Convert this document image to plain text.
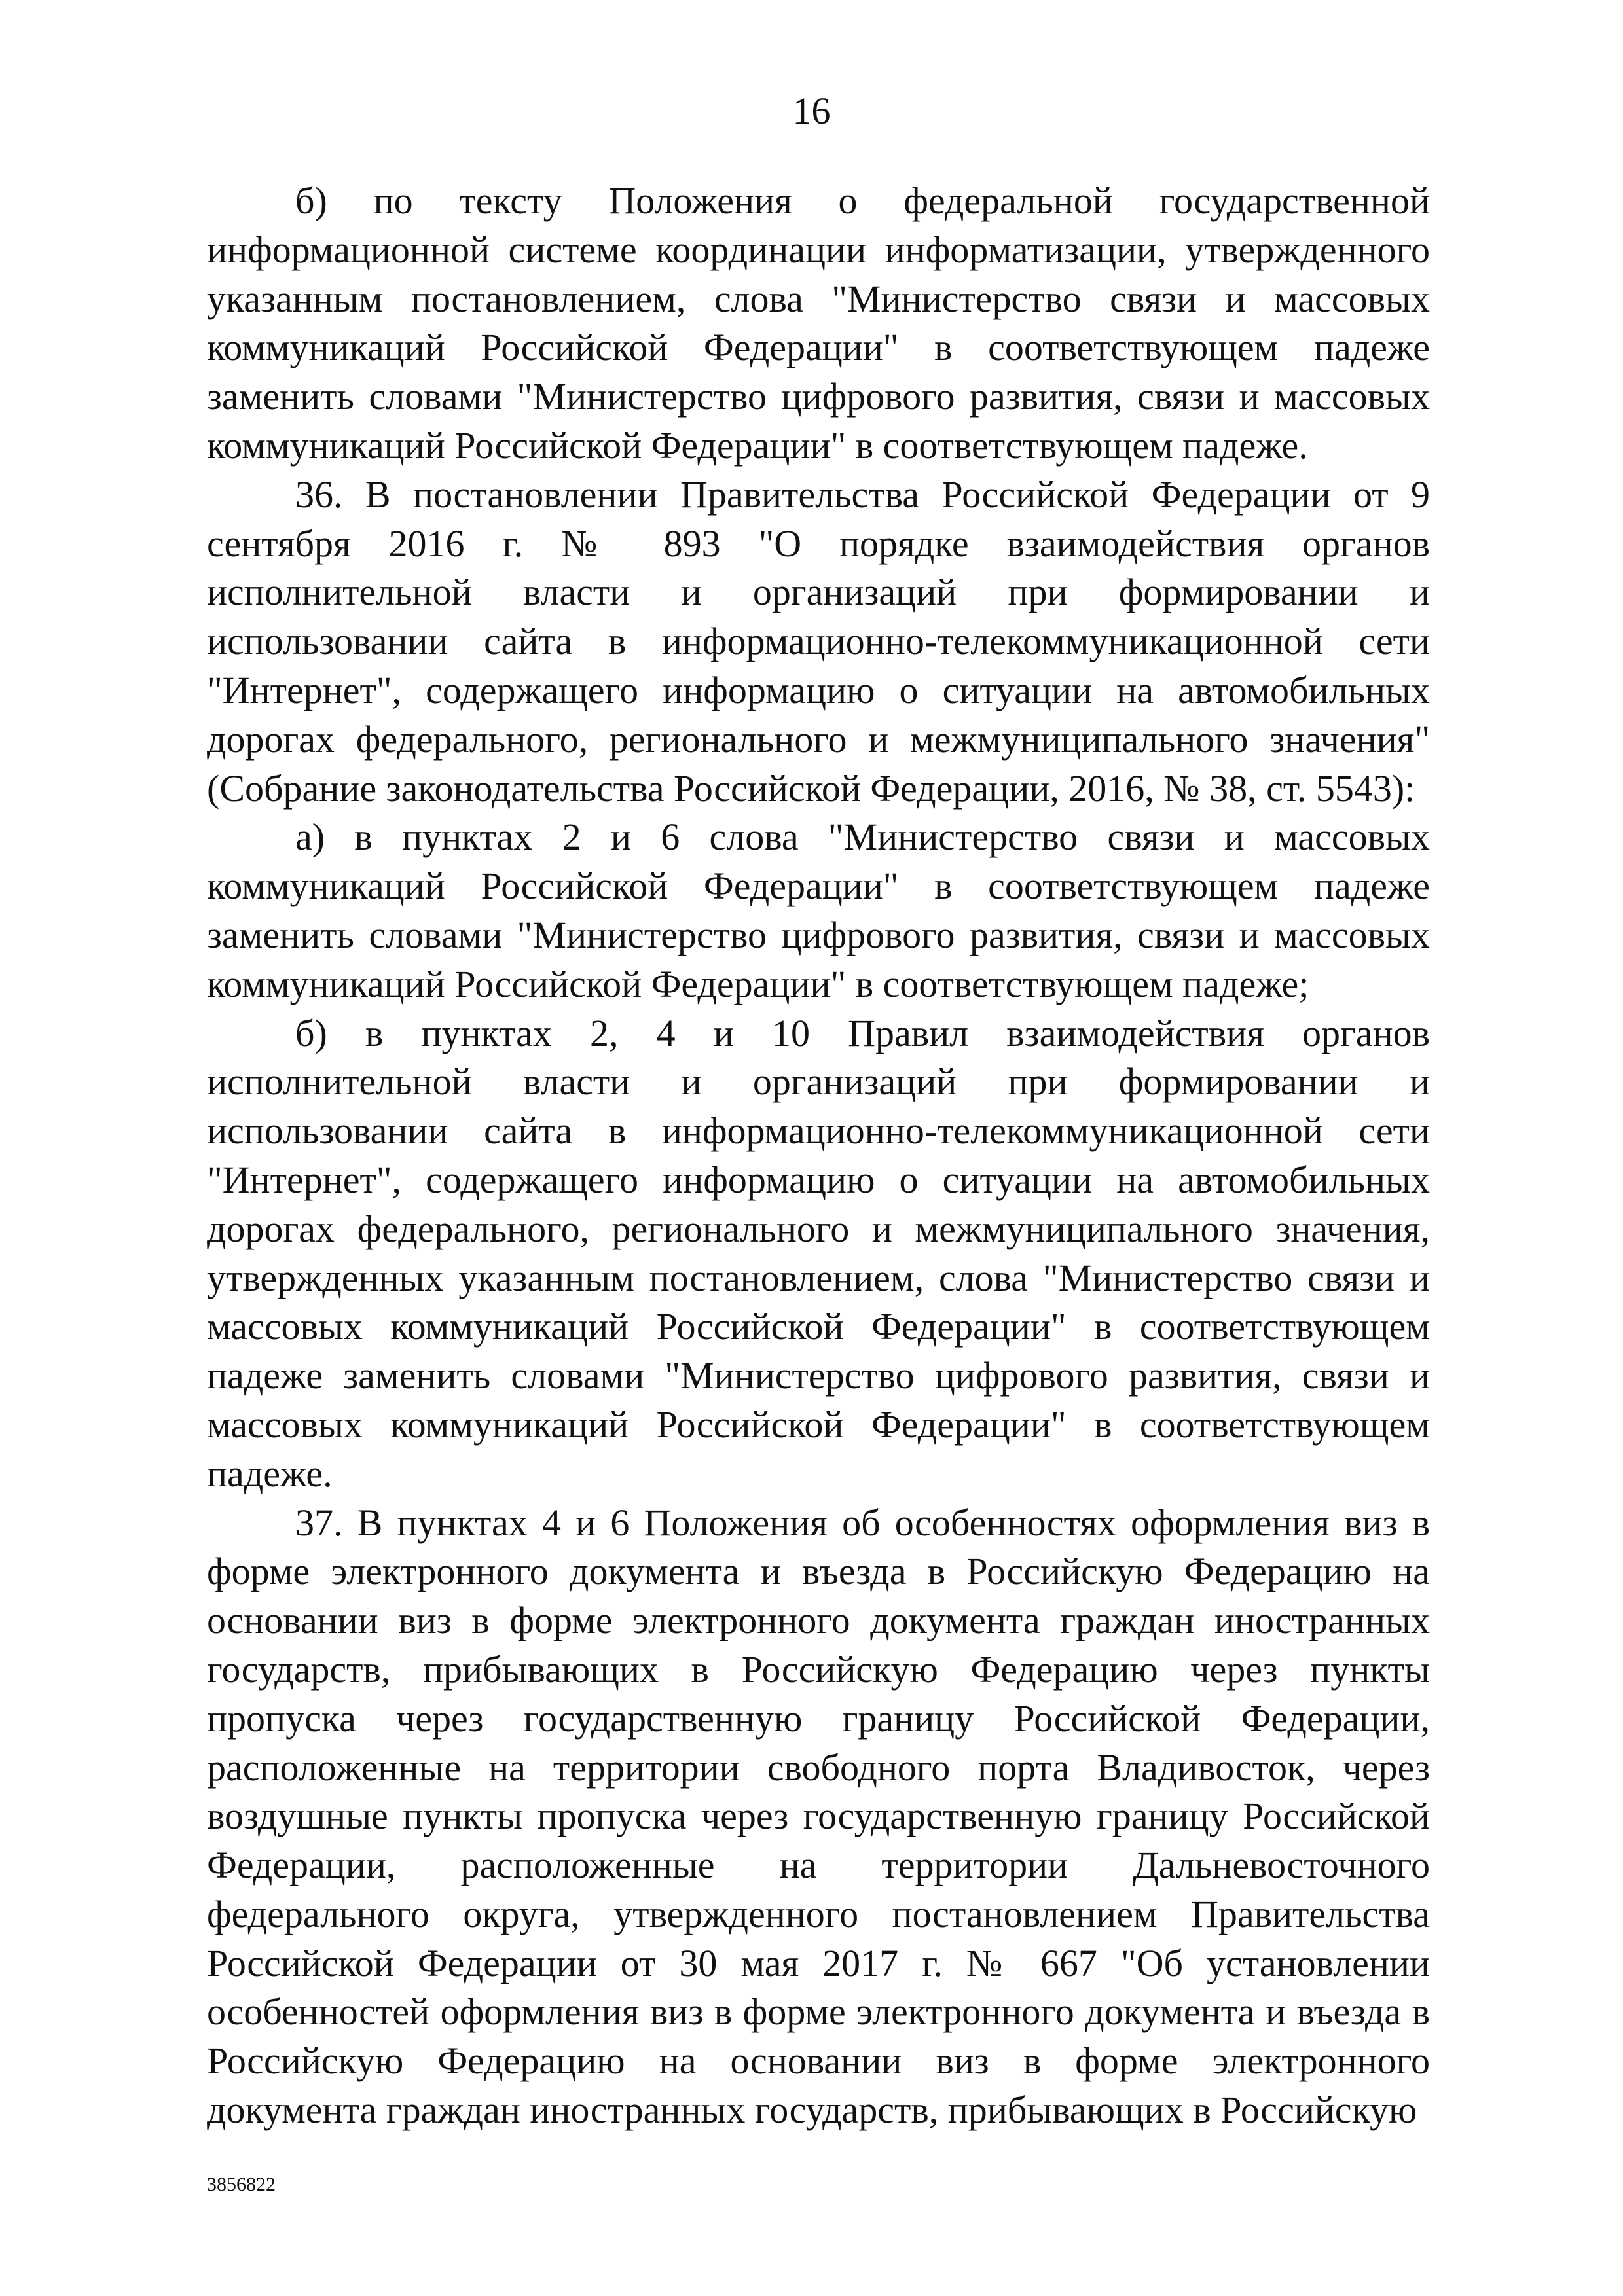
16

б) по тексту Положения о федеральной государственной информационной системе координации информатизации, утвержденного указанным постановлением, слова "Министерство связи и массовых коммуникаций Российской Федерации" в соответствующем падеже заменить словами "Министерство цифрового развития, связи и массовых коммуникаций Российской Федерации" в соответствующем падеже.

36. В постановлении Правительства Российской Федерации от 9 сентября 2016 г. № 893 "О порядке взаимодействия органов исполнительной власти и организаций при формировании и использовании сайта в информационно-телекоммуникационной сети "Интернет", содержащего информацию о ситуации на автомобильных дорогах федерального, регионального и межмуниципального значения" (Собрание законодательства Российской Федерации, 2016, № 38, ст. 5543):

а) в пунктах 2 и 6 слова "Министерство связи и массовых коммуникаций Российской Федерации" в соответствующем падеже заменить словами "Министерство цифрового развития, связи и массовых коммуникаций Российской Федерации" в соответствующем падеже;

б) в пунктах 2, 4 и 10 Правил взаимодействия органов исполнительной власти и организаций при формировании и использовании сайта в информационно-телекоммуникационной сети "Интернет", содержащего информацию о ситуации на автомобильных дорогах федерального, регионального и межмуниципального значения, утвержденных указанным постановлением, слова "Министерство связи и массовых коммуникаций Российской Федерации" в соответствующем падеже заменить словами "Министерство цифрового развития, связи и массовых коммуникаций Российской Федерации" в соответствующем падеже.

37. В пунктах 4 и 6 Положения об особенностях оформления виз в форме электронного документа и въезда в Российскую Федерацию на основании виз в форме электронного документа граждан иностранных государств, прибывающих в Российскую Федерацию через пункты пропуска через государственную границу Российской Федерации, расположенные на территории свободного порта Владивосток, через воздушные пункты пропуска через государственную границу Российской Федерации, расположенные на территории Дальневосточного федерального округа, утвержденного постановлением Правительства Российской Федерации от 30 мая 2017 г. № 667 "Об установлении особенностей оформления виз в форме электронного документа и въезда в Российскую Федерацию на основании виз в форме электронного документа граждан иностранных государств, прибывающих в Российскую

3856822
